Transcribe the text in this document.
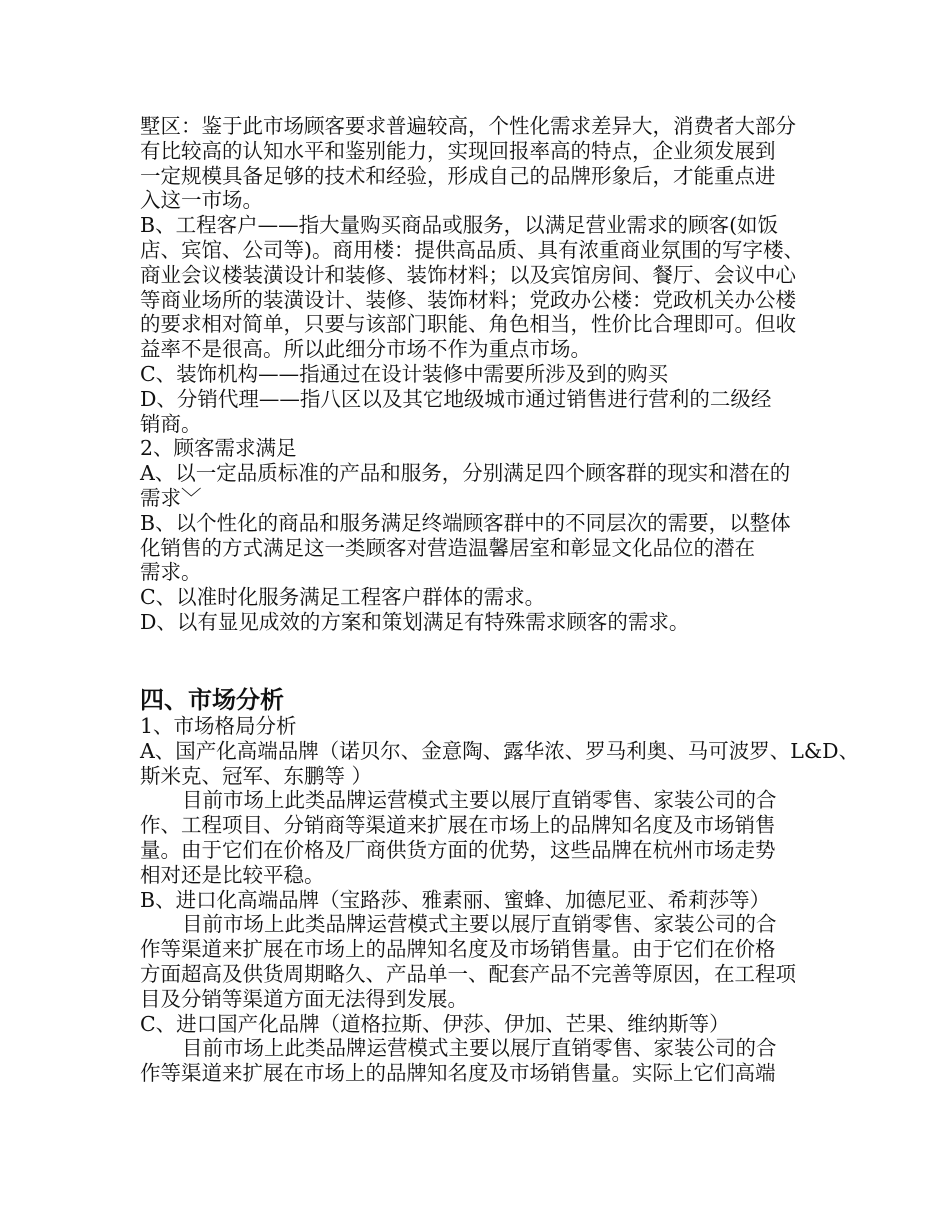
墅区：鉴于此市场顾客要求普遍较高，个性化需求差异大，消费者大部分
有比较高的认知水平和鉴别能力，实现回报率高的特点，企业须发展到
一定规模具备足够的技术和经验，形成自己的品牌形象后，才能重点进
入这一市场。
B、工程客户——指大量购买商品或服务，以满足营业需求的顾客(如饭
店、宾馆、公司等)。商用楼：提供高品质、具有浓重商业氛围的写字楼、
商业会议楼装潢设计和装修、装饰材料；以及宾馆房间、餐厅、会议中心
等商业场所的装潢设计、装修、装饰材料；党政办公楼：党政机关办公楼
的要求相对简单，只要与该部门职能、角色相当，性价比合理即可。但收
益率不是很高。所以此细分市场不作为重点市场。
C、装饰机构——指通过在设计装修中需要所涉及到的购买
D、分销代理——指八区以及其它地级城市通过销售进行营利的二级经
销商。
2、顾客需求满足
A、以一定品质标准的产品和服务，分别满足四个顾客群的现实和潜在的
需求﹀
B、以个性化的商品和服务满足终端顾客群中的不同层次的需要，以整体
化销售的方式满足这一类顾客对营造温馨居室和彰显文化品位的潜在
需求。
C、以准时化服务满足工程客户群体的需求。
D、以有显见成效的方案和策划满足有特殊需求顾客的需求。
四、市场分析
1、市场格局分析
A、国产化高端品牌（诺贝尔、金意陶、露华浓、罗马利奥、马可波罗、L&D、
斯米克、冠军、东鹏等 ）
目前市场上此类品牌运营模式主要以展厅直销零售、家装公司的合
作、工程项目、分销商等渠道来扩展在市场上的品牌知名度及市场销售
量。由于它们在价格及厂商供货方面的优势，这些品牌在杭州市场走势
相对还是比较平稳。
B、进口化高端品牌（宝路莎、雅素丽、蜜蜂、加德尼亚、希莉莎等）
目前市场上此类品牌运营模式主要以展厅直销零售、家装公司的合
作等渠道来扩展在市场上的品牌知名度及市场销售量。由于它们在价格
方面超高及供货周期略久、产品单一、配套产品不完善等原因，在工程项
目及分销等渠道方面无法得到发展。
C、进口国产化品牌（道格拉斯、伊莎、伊加、芒果、维纳斯等）
目前市场上此类品牌运营模式主要以展厅直销零售、家装公司的合
作等渠道来扩展在市场上的品牌知名度及市场销售量。实际上它们高端
